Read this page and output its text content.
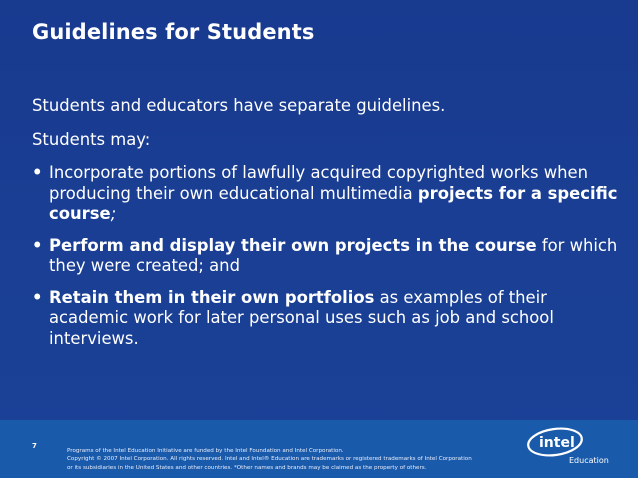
Guidelines for Students
Students and educators have separate guidelines.
Students may:
• Incorporate portions of lawfully acquired copyrighted works when producing their own educational multimedia projects for a specific course;
• Perform and display their own projects in the course for which they were created; and
• Retain them in their own portfolios as examples of their academic work for later personal uses such as job and school interviews.
7
Programs of the Intel Education Initiative are funded by the Intel Foundation and Intel Corporation.
Copyright © 2007 Intel Corporation. All rights reserved. Intel and Intel® Education are trademarks or registered trademarks of Intel Corporation
or its subsidiaries in the United States and other countries. *Other names and brands may be claimed as the property of others.
intel
Education
